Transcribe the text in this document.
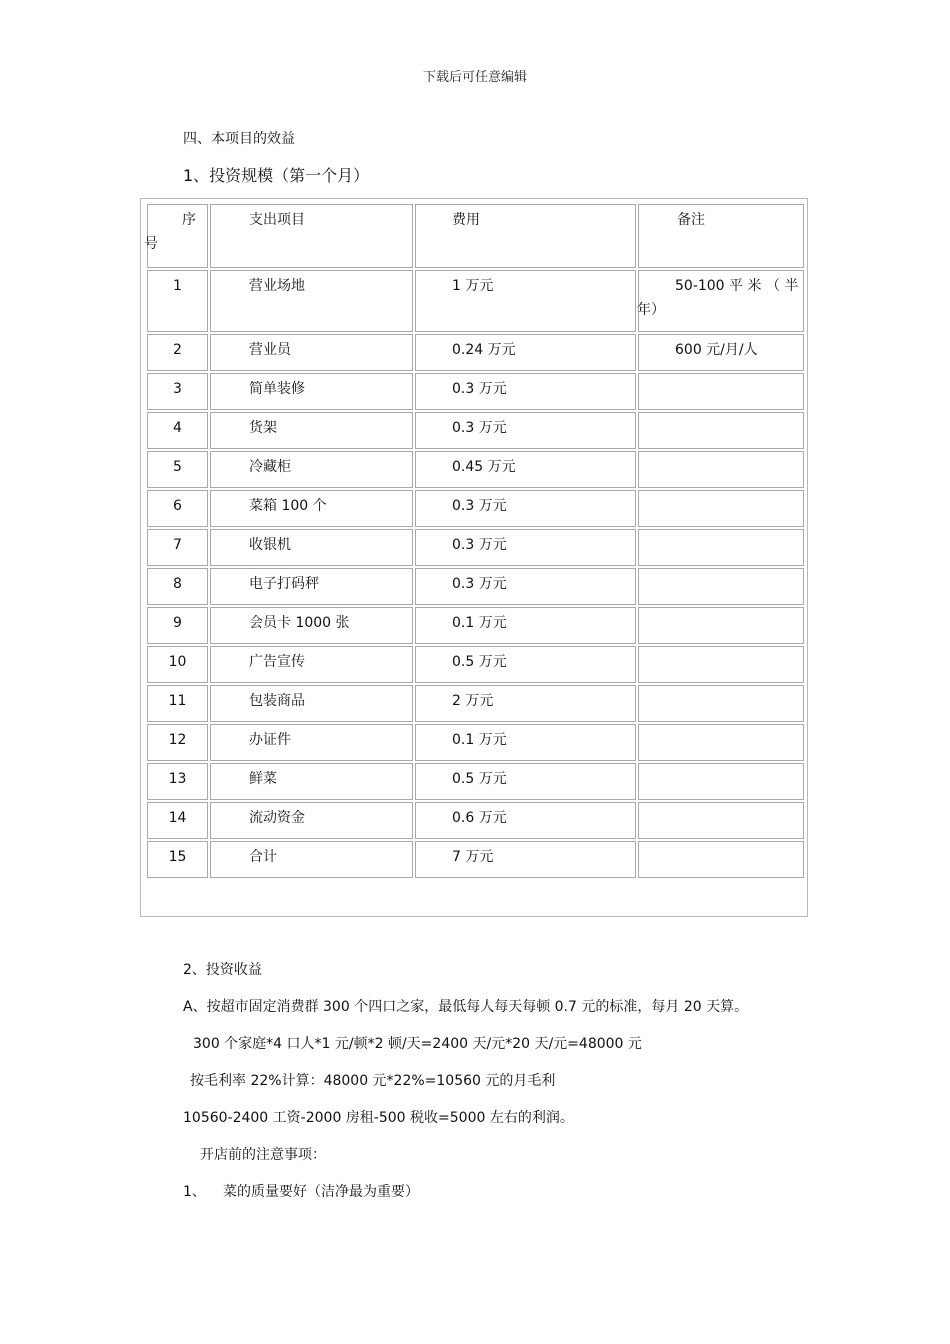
下载后可任意编辑
四、本项目的效益
1、投资规模（第一个月）
序
号	支出项目	费用	备注
1	营业场地	1 万元	50-100 平 米 （ 半
年）

2	营业员	0.24 万元	600 元/月/人

3	简单装修	0.3 万元	

4	货架	0.3 万元	

5	冷藏柜	0.45 万元	

6	菜箱 100 个	0.3 万元	

7	收银机	0.3 万元	

8	电子打码秤	0.3 万元	

9	会员卡 1000 张	0.1 万元	

10	广告宣传	0.5 万元	

11	包装商品	2 万元	

12	办证件	0.1 万元	

13	鲜菜	0.5 万元	

14	流动资金	0.6 万元	

15	合计	7 万元	
2、投资收益
A、按超市固定消费群 300 个四口之家，最低每人每天每顿 0.7 元的标准，每月 20 天算。
300 个家庭*4 口人*1 元/顿*2 顿/天=2400 天/元*20 天/元=48000 元
按毛利率 22%计算：48000 元*22%=10560 元的月毛利
10560-2400 工资-2000 房租-500 税收=5000 左右的利润。
开店前的注意事项：
1、 菜的质量要好（洁净最为重要）
